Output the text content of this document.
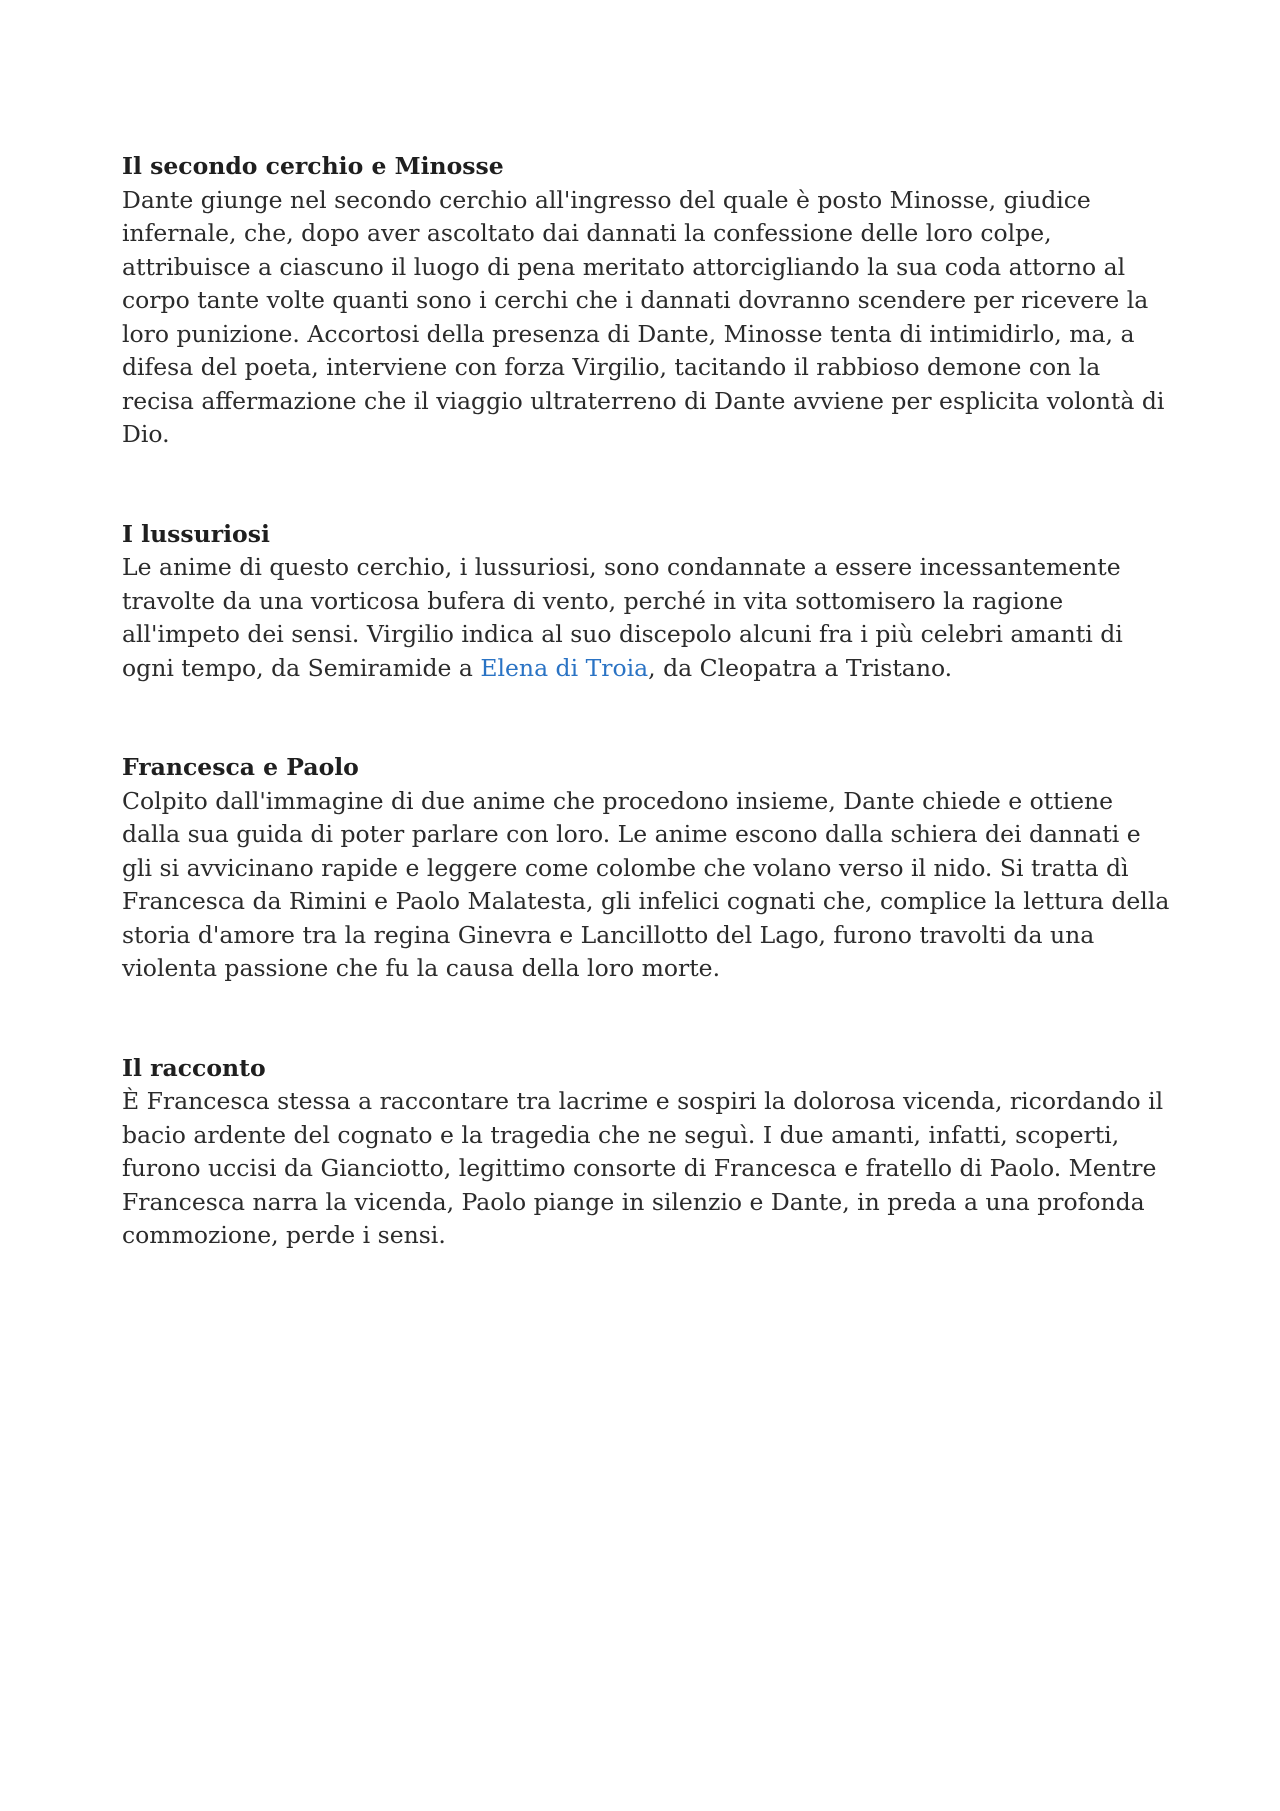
Il secondo cerchio e Minosse

Dante giunge nel secondo cerchio all'ingresso del quale è posto Minosse, giudice infernale, che, dopo aver ascoltato dai dannati la confessione delle loro colpe, attribuisce a ciascuno il luogo di pena meritato attorcigliando la sua coda attorno al corpo tante volte quanti sono i cerchi che i dannati dovranno scendere per ricevere la loro punizione. Accortosi della presenza di Dante, Minosse tenta di intimidirlo, ma, a difesa del poeta, interviene con forza Virgilio, tacitando il rabbioso demone con la recisa affermazione che il viaggio ultraterreno di Dante avviene per esplicita volontà di Dio.

I lussuriosi

Le anime di questo cerchio, i lussuriosi, sono condannate a essere incessantemente travolte da una vorticosa bufera di vento, perché in vita sottomisero la ragione all'impeto dei sensi. Virgilio indica al suo discepolo alcuni fra i più celebri amanti di ogni tempo, da Semiramide a Elena di Troia, da Cleopatra a Tristano.

Francesca e Paolo

Colpito dall'immagine di due anime che procedono insieme, Dante chiede e ottiene dalla sua guida di poter parlare con loro. Le anime escono dalla schiera dei dannati e gli si avvicinano rapide e leggere come colombe che volano verso il nido. Si tratta dì Francesca da Rimini e Paolo Malatesta, gli infelici cognati che, complice la lettura della storia d'amore tra la regina Ginevra e Lancillotto del Lago, furono travolti da una violenta passione che fu la causa della loro morte.

Il racconto

È Francesca stessa a raccontare tra lacrime e sospiri la dolorosa vicenda, ricordando il bacio ardente del cognato e la tragedia che ne seguì. I due amanti, infatti, scoperti, furono uccisi da Gianciotto, legittimo consorte di Francesca e fratello di Paolo. Mentre Francesca narra la vicenda, Paolo piange in silenzio e Dante, in preda a una profonda commozione, perde i sensi.
